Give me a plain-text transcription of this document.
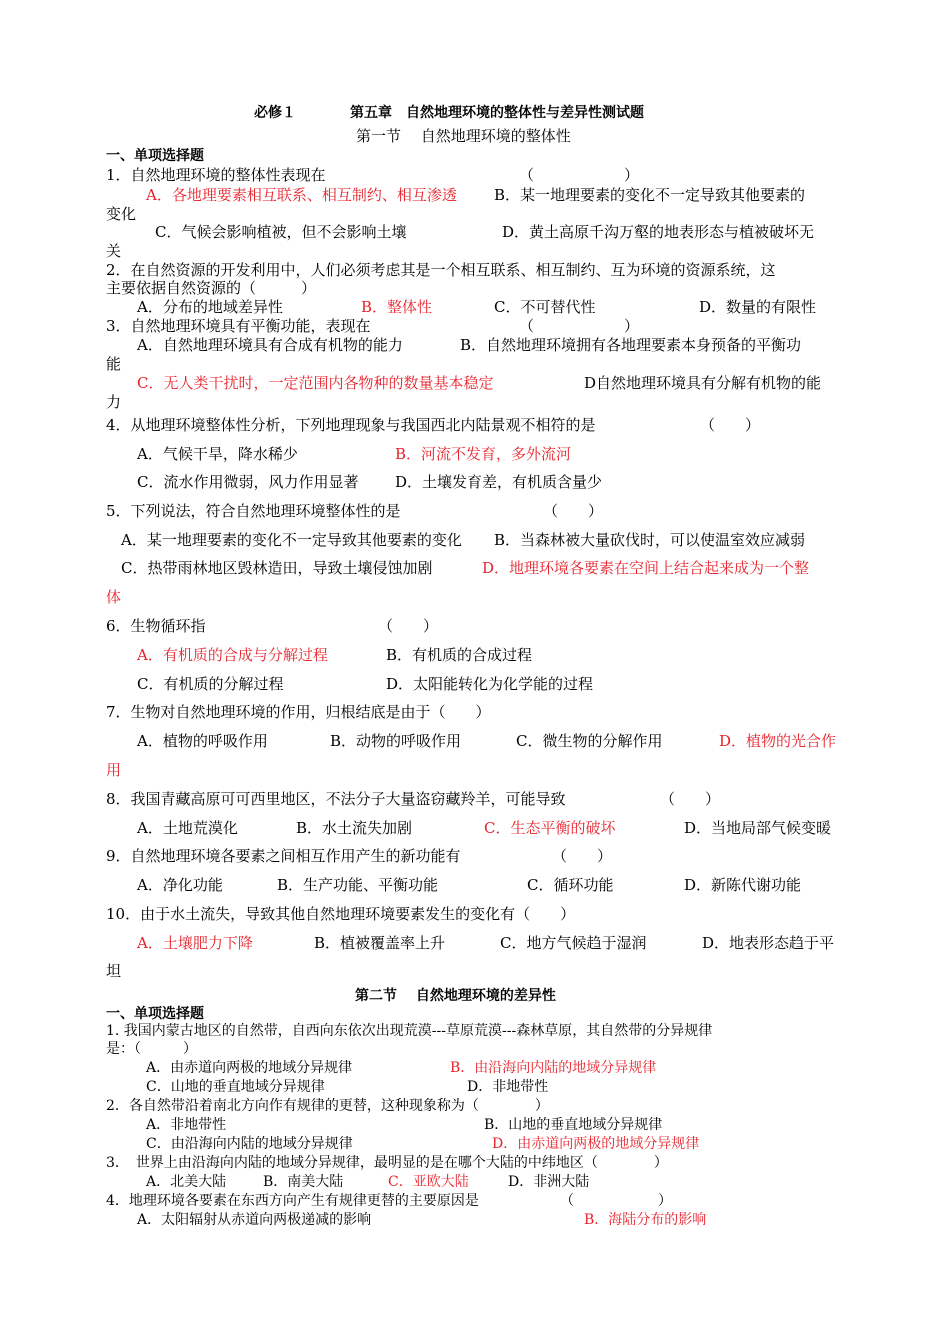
必修１	第五章　自然地理环境的整体性与差异性测试题
第一节　 自然地理环境的整体性
一、单项选择题
1．自然地理环境的整体性表现在	（　　　　　　）
A．各地理要素相互联系、相互制约、相互渗透 B．某一地理要素的变化不一定导致其他要素的
变化
C．气候会影响植被，但不会影响土壤	D．黄土高原千沟万壑的地表形态与植被破坏无
关
2．在自然资源的开发利用中，人们必须考虑其是一个相互联系、相互制约、互为环境的资源系统，这
主要依据自然资源的（　　　）
A．分布的地域差异性	B．整体性	C．不可替代性	D．数量的有限性
3．自然地理环境具有平衡功能，表现在	（　　　　　　）
A．自然地理环境具有合成有机物的能力	B．自然地理环境拥有各地理要素本身预备的平衡功
能
C．无人类干扰时，一定范围内各物种的数量基本稳定	D自然地理环境具有分解有机物的能
力
4．从地理环境整体性分析，下列地理现象与我国西北内陆景观不相符的是	（　　）
A．气候干旱，降水稀少	B．河流不发育，多外流河
C．流水作用微弱，风力作用显著 D．土壤发育差，有机质含量少
5．下列说法，符合自然地理环境整体性的是	（　　）
A．某一地理要素的变化不一定导致其他要素的变化 B．当森林被大量砍伐时，可以使温室效应减弱
C．热带雨林地区毁林造田，导致土壤侵蚀加剧	D．地理环境各要素在空间上结合起来成为一个整
体
6．生物循环指	（　　）
A．有机质的合成与分解过程	B．有机质的合成过程
C．有机质的分解过程	D．太阳能转化为化学能的过程
7．生物对自然地理环境的作用，归根结底是由于（　　）
A．植物的呼吸作用	B．动物的呼吸作用	C．微生物的分解作用	D．植物的光合作
用
8．我国青藏高原可可西里地区，不法分子大量盗窃藏羚羊，可能导致	（　　）
A．土地荒漠化	B．水土流失加剧	C．生态平衡的破坏	D．当地局部气候变暖
9．自然地理环境各要素之间相互作用产生的新功能有	（　　）
A．净化功能	B．生产功能、平衡功能	C．循环功能	D．新陈代谢功能
10．由于水土流失，导致其他自然地理环境要素发生的变化有（　　）
A．土壤肥力下降	B．植被覆盖率上升	C．地方气候趋于湿润	D．地表形态趋于平
坦
第二节　 自然地理环境的差异性
一、单项选择题
1. 我国内蒙古地区的自然带，自西向东依次出现荒漠---草原荒漠---森林草原，其自然带的分异规律
是：（　　　）
A．由赤道向两极的地域分异规律	B．由沿海向内陆的地域分异规律
C．山地的垂直地域分异规律	D．非地带性
2．各自然带沿着南北方向作有规律的更替，这种现象称为（　　　　）
A．非地带性	B．山地的垂直地域分异规律
C．由沿海向内陆的地域分异规律	D．由赤道向两极的地域分异规律
3．　世界上由沿海向内陆的地域分异规律，最明显的是在哪个大陆的中纬地区（　　　　）
A．北美大陆	B．南美大陆	C．亚欧大陆	D．非洲大陆
4．地理环境各要素在东西方向产生有规律更替的主要原因是	（　　　　　　）
A．太阳辐射从赤道向两极递减的影响	B．海陆分布的影响
